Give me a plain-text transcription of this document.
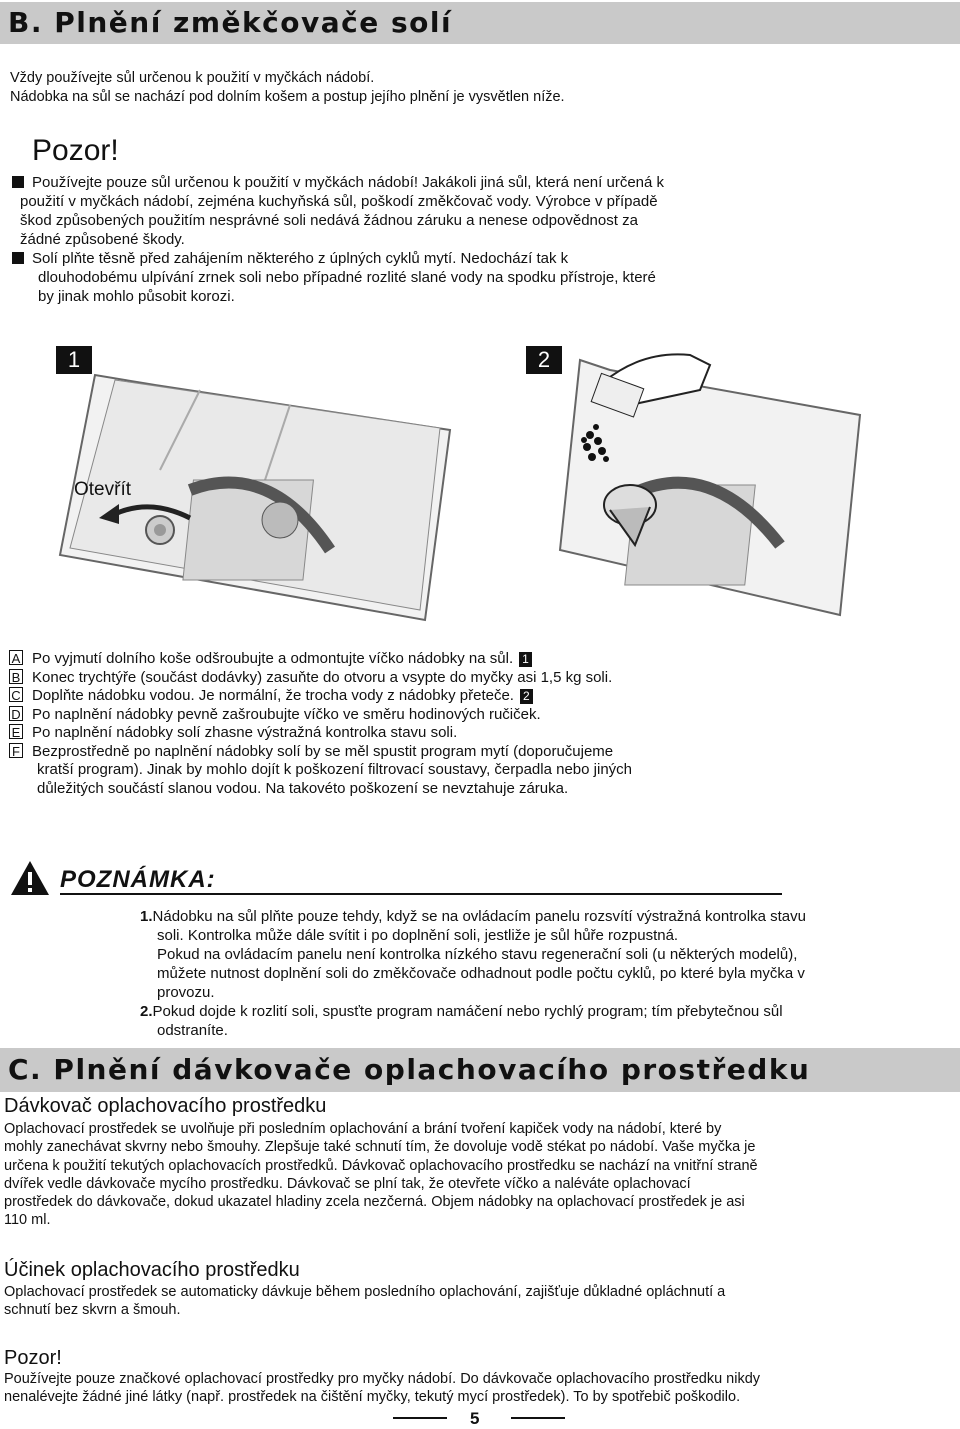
B. Plnění změkčovače solí

Vždy používejte sůl určenou k použití v myčkách nádobí.

Nádobka na sůl se nachází pod dolním košem a postup jejího plnění je vysvětlen níže.

Pozor!

Používejte pouze sůl určenou k použití v myčkách nádobí! Jakákoli jiná sůl, která není určená k

použití v myčkách nádobí, zejména kuchyňská sůl, poškodí změkčovač vody. Výrobce v případě

škod způsobených použitím nesprávné soli nedává žádnou záruku a nenese odpovědnost za

žádné způsobené škody.

Solí plňte těsně před zahájením některého z úplných cyklů mytí. Nedochází tak k

dlouhodobému ulpívání zrnek soli nebo případné rozlité slané vody na spodku přístroje, které

by jinak mohlo působit korozi.

1	2
Otevřít

A Po vyjmutí dolního koše odšroubujte a odmontujte víčko nádobky na sůl. 1

B Konec trychtýře (součást dodávky) zasuňte do otvoru a vsypte do myčky asi 1,5 kg soli.

C Doplňte nádobku vodou. Je normální, že trocha vody z nádobky přeteče. 2

D Po naplnění nádobky pevně zašroubujte víčko ve směru hodinových ručiček.

E Po naplnění nádobky solí zhasne výstražná kontrolka stavu soli.

F Bezprostředně po naplnění nádobky solí by se měl spustit program mytí (doporučujeme

kratší program). Jinak by mohlo dojít k poškození filtrovací soustavy, čerpadla nebo jiných

důležitých součástí slanou vodou. Na takovéto poškození se nevztahuje záruka.

POZNÁMKA:

1.Nádobku na sůl plňte pouze tehdy, když se na ovládacím panelu rozsvítí výstražná kontrolka stavu

soli. Kontrolka může dále svítit i po doplnění soli, jestliže je sůl hůře rozpustná.

Pokud na ovládacím panelu není kontrolka nízkého stavu regenerační soli (u některých modelů),

můžete nutnost doplnění soli do změkčovače odhadnout podle počtu cyklů, po které byla myčka v

provozu.

2.Pokud dojde k rozlití soli, spusťte program namáčení nebo rychlý program; tím přebytečnou sůl

odstraníte.

C. Plnění dávkovače oplachovacího prostředku
Dávkovač oplachovacího prostředku

Oplachovací prostředek se uvolňuje při posledním oplachování a brání tvoření kapiček vody na nádobí, které by

mohly zanechávat skvrny nebo šmouhy. Zlepšuje také schnutí tím, že dovoluje vodě stékat po nádobí. Vaše myčka je

určena k použití tekutých oplachovacích prostředků. Dávkovač oplachovacího prostředku se nachází na vnitřní straně

dvířek vedle dávkovače mycího prostředku. Dávkovač se plní tak, že otevřete víčko a naléváte oplachovací

prostředek do dávkovače, dokud ukazatel hladiny zcela nezčerná. Objem nádobky na oplachovací prostředek je asi

110 ml.

Účinek oplachovacího prostředku

Oplachovací prostředek se automaticky dávkuje během posledního oplachování, zajišťuje důkladné opláchnutí a

schnutí bez skvrn a šmouh.

Pozor!

Používejte pouze značkové oplachovací prostředky pro myčky nádobí. Do dávkovače oplachovacího prostředku nikdy

nenalévejte žádné jiné látky (např. prostředek na čištění myčky, tekutý mycí prostředek). To by spotřebič poškodilo.

5
